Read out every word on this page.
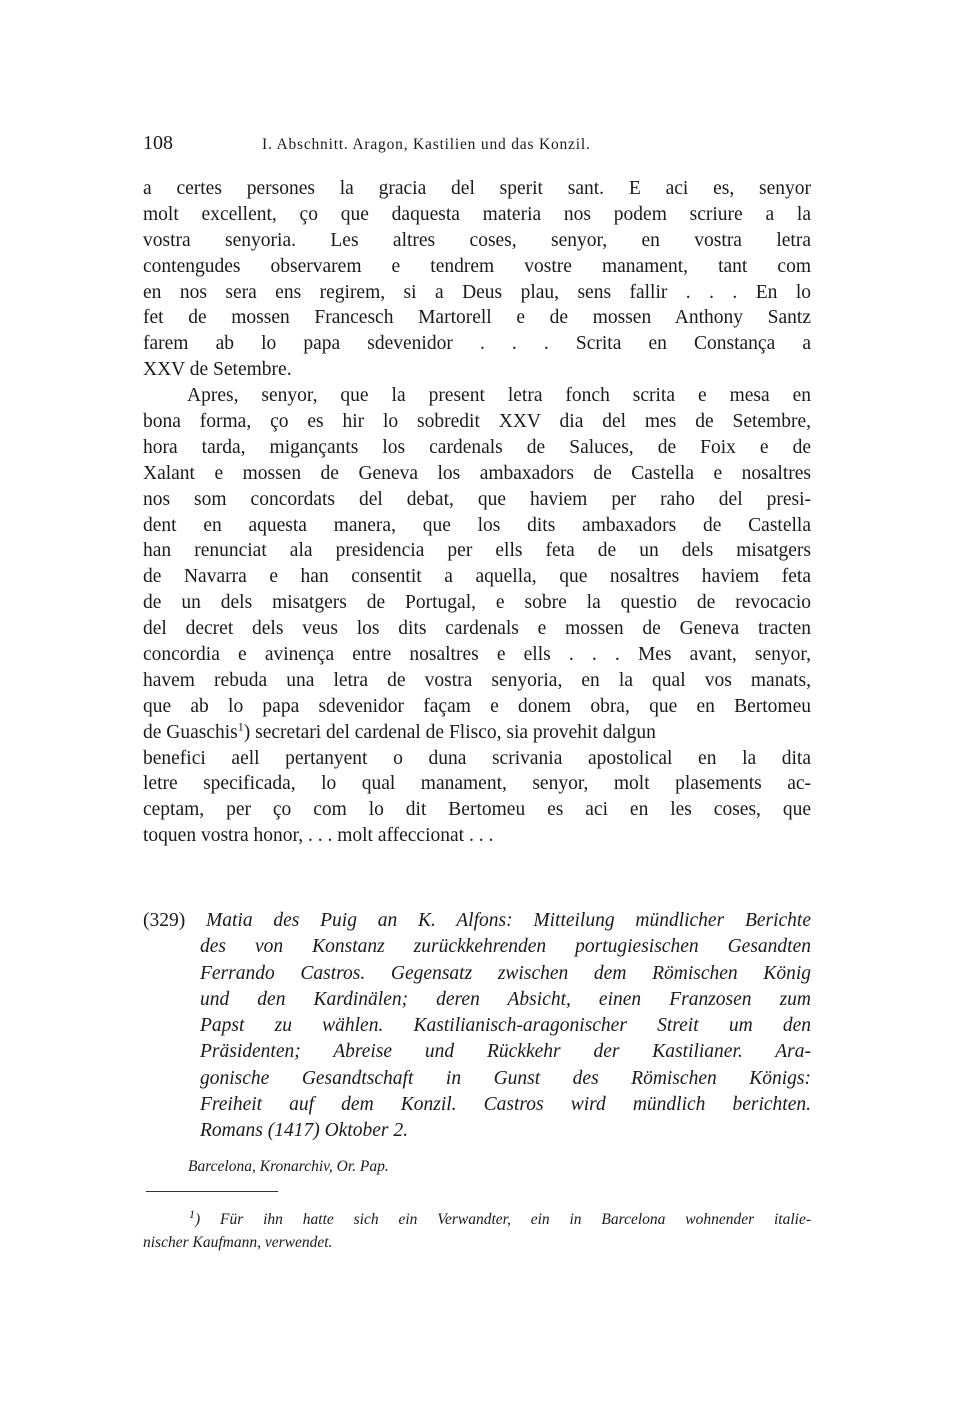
108	I. Abschnitt. Aragon, Kastilien und das Konzil.
a certes persones la gracia del sperit sant. E aci es, senyor
molt excellent, ço que daquesta materia nos podem scriure a la
vostra senyoria. Les altres coses, senyor, en vostra letra
contengudes observarem e tendrem vostre manament, tant com
en nos sera ens regirem, si a Deus plau, sens fallir . . . En lo
fet de mossen Francesch Martorell e de mossen Anthony Santz
farem ab lo papa sdevenidor . . . Scrita en Constança a
XXV de Setembre.
Apres, senyor, que la present letra fonch scrita e mesa en
bona forma, ço es hir lo sobredit XXV dia del mes de Setembre,
hora tarda, migançants los cardenals de Saluces, de Foix e de
Xalant e mossen de Geneva los ambaxadors de Castella e nosaltres
nos som concordats del debat, que haviem per raho del presi-
dent en aquesta manera, que los dits ambaxadors de Castella
han renunciat ala presidencia per ells feta de un dels misatgers
de Navarra e han consentit a aquella, que nosaltres haviem feta
de un dels misatgers de Portugal, e sobre la questio de revocacio
del decret dels veus los dits cardenals e mossen de Geneva tracten
concordia e avinença entre nosaltres e ells . . . Mes avant, senyor,
havem rebuda una letra de vostra senyoria, en la qual vos manats,
que ab lo papa sdevenidor façam e donem obra, que en Bertomeu
de Guaschis$^1$) secretari del cardenal de Flisco, sia provehit dalgun
benefici aell pertanyent o duna scrivania apostolical en la dita
letre specificada, lo qual manament, senyor, molt plasements ac-
ceptam, per ço com lo dit Bertomeu es aci en les coses, que
toquen vostra honor, . . . molt affeccionat . . .
(329) Matia des Puig an K. Alfons: Mitteilung mündlicher Berichte
des von Konstanz zurückkehrenden portugiesischen Gesandten
Ferrando Castros. Gegensatz zwischen dem Römischen König
und den Kardinälen; deren Absicht, einen Franzosen zum
Papst zu wählen. Kastilianisch-aragonischer Streit um den
Präsidenten; Abreise und Rückkehr der Kastilianer. Ara-
gonische Gesandtschaft in Gunst des Römischen Königs:
Freiheit auf dem Konzil. Castros wird mündlich berichten.
Romans (1417) Oktober 2.
Barcelona, Kronarchiv, Or. Pap.
$^1$) Für ihn hatte sich ein Verwandter, ein in Barcelona wohnender italie-
nischer Kaufmann, verwendet.
